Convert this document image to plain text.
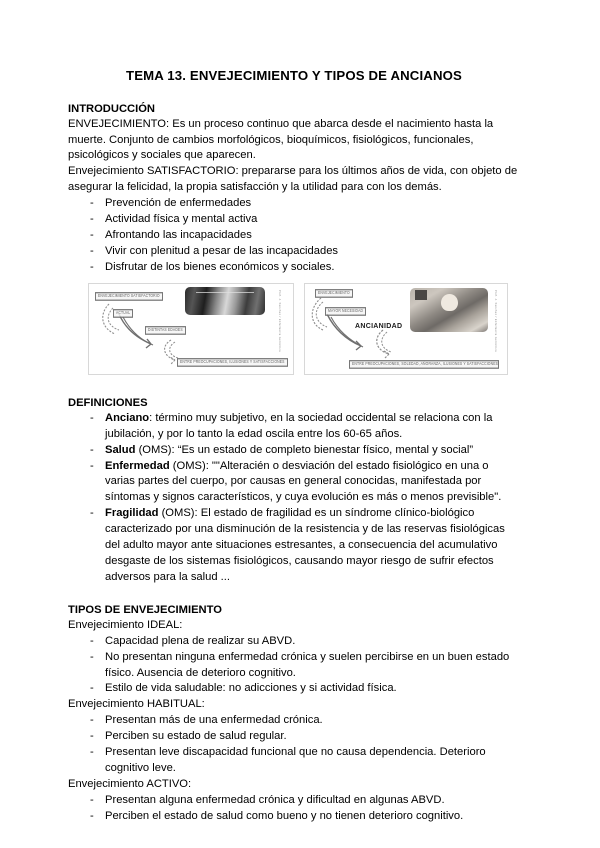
TEMA 13. ENVEJECIMIENTO Y TIPOS DE ANCIANOS
INTRODUCCIÓN

ENVEJECIMIENTO: Es un proceso continuo que abarca desde el nacimiento hasta la muerte. Conjunto de cambios morfológicos, bioquímicos, fisiológicos, funcionales, psicológicos y sociales que aparecen.

Envejecimiento SATISFACTORIO: prepararse para los últimos años de vida, con objeto de asegurar la felicidad, la propia satisfacción y la utilidad para con los demás.

- Prevención de enfermedades
- Actividad física y mental activa
- Afrontando las incapacidades
- Vivir con plenitud a pesar de las incapacidades
- Disfrutar de los bienes económicos y sociales.
ENVEJECIMIENTO SATISFACTORIO
ACTUAL
DISTINTAS EDADES
ENTRE PREOCUPACIONES, ILUSIONES Y SATISFACCIONES
Prof. J. Sanchez / Enfermería Geriátrica	ENVEJECIMIENTO
MAYOR NECESIDAD
ANCIANIDAD
ENTRE PREOCUPACIONES, SOLEDAD, AÑORANZA, ILUSIONES Y SATISFACCIONES
Prof. J. Sanchez / Enfermería Geriátrica
DEFINICIONES
- Anciano: término muy subjetivo, en la sociedad occidental se relaciona con la jubilación, y por lo tanto la edad oscila entre los 60-65 años.
- Salud (OMS): “Es un estado de completo bienestar físico, mental y social”
- Enfermedad (OMS): ""Alteracién o desviación del estado fisiológico en una o varias partes del cuerpo, por causas en general conocidas, manifestada por síntomas y signos característicos, y cuya evolución es más o menos previsible".
- Fragilidad (OMS): El estado de fragilidad es un síndrome clínico-biológico caracterizado por una disminución de la resistencia y de las reservas fisiológicas del adulto mayor ante situaciones estresantes, a consecuencia del acumulativo desgaste de los sistemas fisiológicos, causando mayor riesgo de sufrir efectos adversos para la salud ...
TIPOS DE ENVEJECIMIENTO

Envejecimiento IDEAL:

- Capacidad plena de realizar su ABVD.
- No presentan ninguna enfermedad crónica y suelen percibirse en un buen estado físico. Ausencia de deterioro cognitivo.
- Estilo de vida saludable: no adicciones y si actividad física.

Envejecimiento HABITUAL:

- Presentan más de una enfermedad crónica.
- Perciben su estado de salud regular.
- Presentan leve discapacidad funcional que no causa dependencia. Deterioro cognitivo leve.

Envejecimiento ACTIVO:

- Presentan alguna enfermedad crónica y dificultad en algunas ABVD.
- Perciben el estado de salud como bueno y no tienen deterioro cognitivo.
